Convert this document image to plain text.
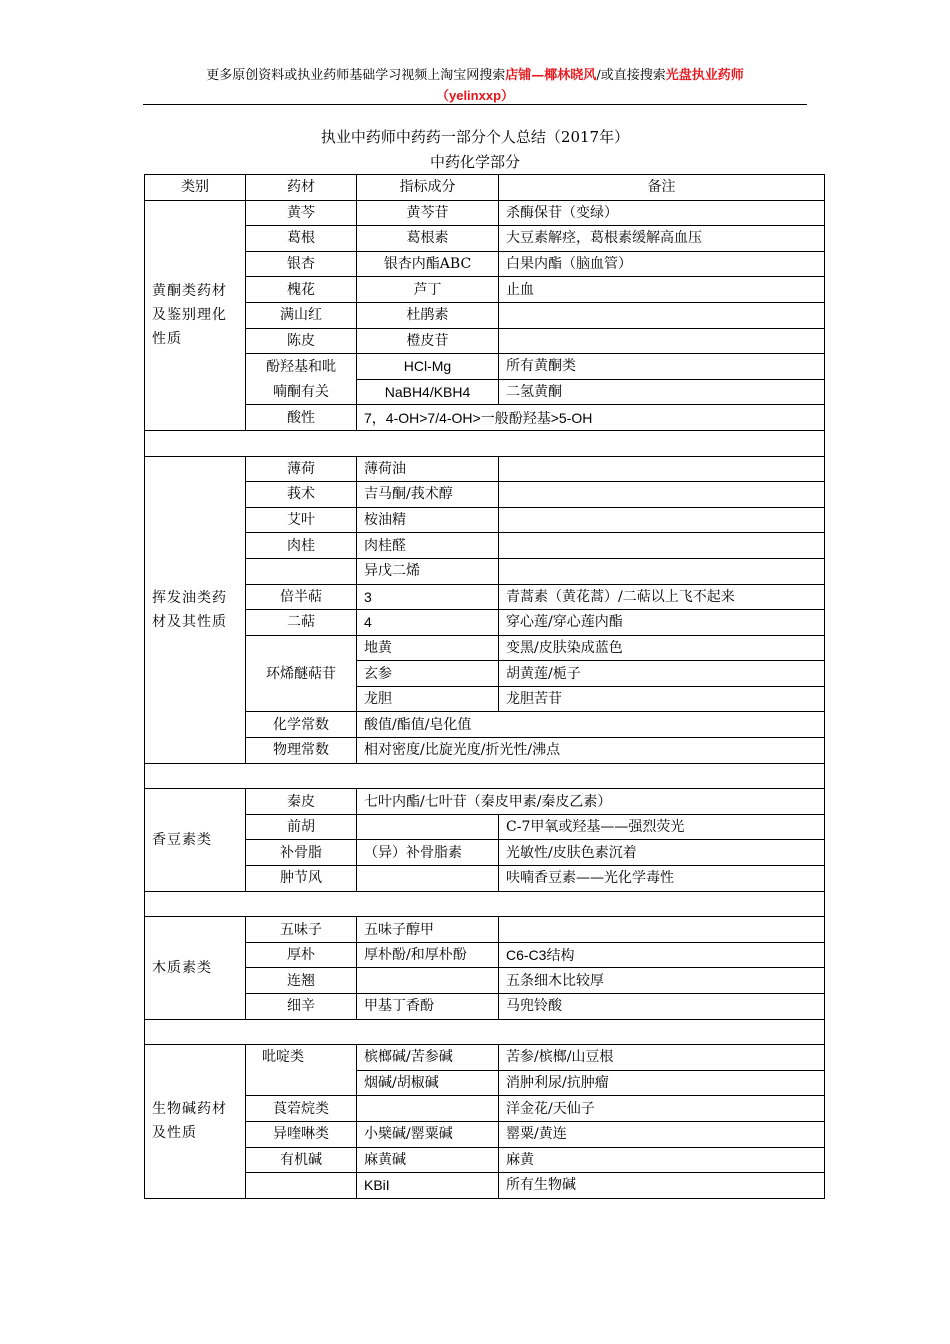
更多原创资料或执业药师基础学习视频上淘宝网搜索店铺—椰林晓风/或直接搜索光盘执业药师
（yelinxxp）
执业中药师中药药一部分个人总结（2017年）
中药化学部分
类别	药材	指标成分	备注
黄酮类药材及鉴别理化性质	黄芩	黄芩苷	杀酶保苷（变绿）
	葛根	葛根素	大豆素解痉，葛根素缓解高血压
	银杏	银杏内酯ABC	白果内酯（脑血管）
	槐花	芦丁	止血
	满山红	杜鹃素	
	陈皮	橙皮苷	
	酚羟基和吡	HCl-Mg	所有黄酮类
	喃酮有关	NaBH4/KBH4	二氢黄酮
	酸性	7，4-OH>7/4-OH>一般酚羟基>5-OH	

挥发油类药材及其性质	薄荷	薄荷油	
	莪术	吉马酮/莪术醇	
	艾叶	桉油精	
	肉桂	肉桂醛	
		异戊二烯	
	倍半萜	3	青蒿素（黄花蒿）/二萜以上飞不起来
	二萜	4	穿心莲/穿心莲内酯
	环烯醚萜苷	地黄	变黑/皮肤染成蓝色
		玄参	胡黄莲/栀子
		龙胆	龙胆苦苷
	化学常数	酸值/酯值/皂化值	
	物理常数	相对密度/比旋光度/折光性/沸点	

香豆素类	秦皮	七叶内酯/七叶苷（秦皮甲素/秦皮乙素）	
	前胡		C-7甲氧或羟基——强烈荧光
	补骨脂	（异）补骨脂素	光敏性/皮肤色素沉着
	肿节风		呋喃香豆素——光化学毒性

木质素类	五味子	五味子醇甲	
	厚朴	厚朴酚/和厚朴酚	C6-C3结构
	连翘		五条细木比较厚
	细辛	甲基丁香酚	马兜铃酸

生物碱药材及性质	吡啶类	槟榔碱/苦参碱	苦参/槟榔/山豆根
		烟碱/胡椒碱	消肿利尿/抗肿瘤
	莨菪烷类		洋金花/天仙子
	异喹啉类	小檗碱/罂粟碱	罂粟/黄连
	有机碱	麻黄碱	麻黄
		KBiI	所有生物碱
